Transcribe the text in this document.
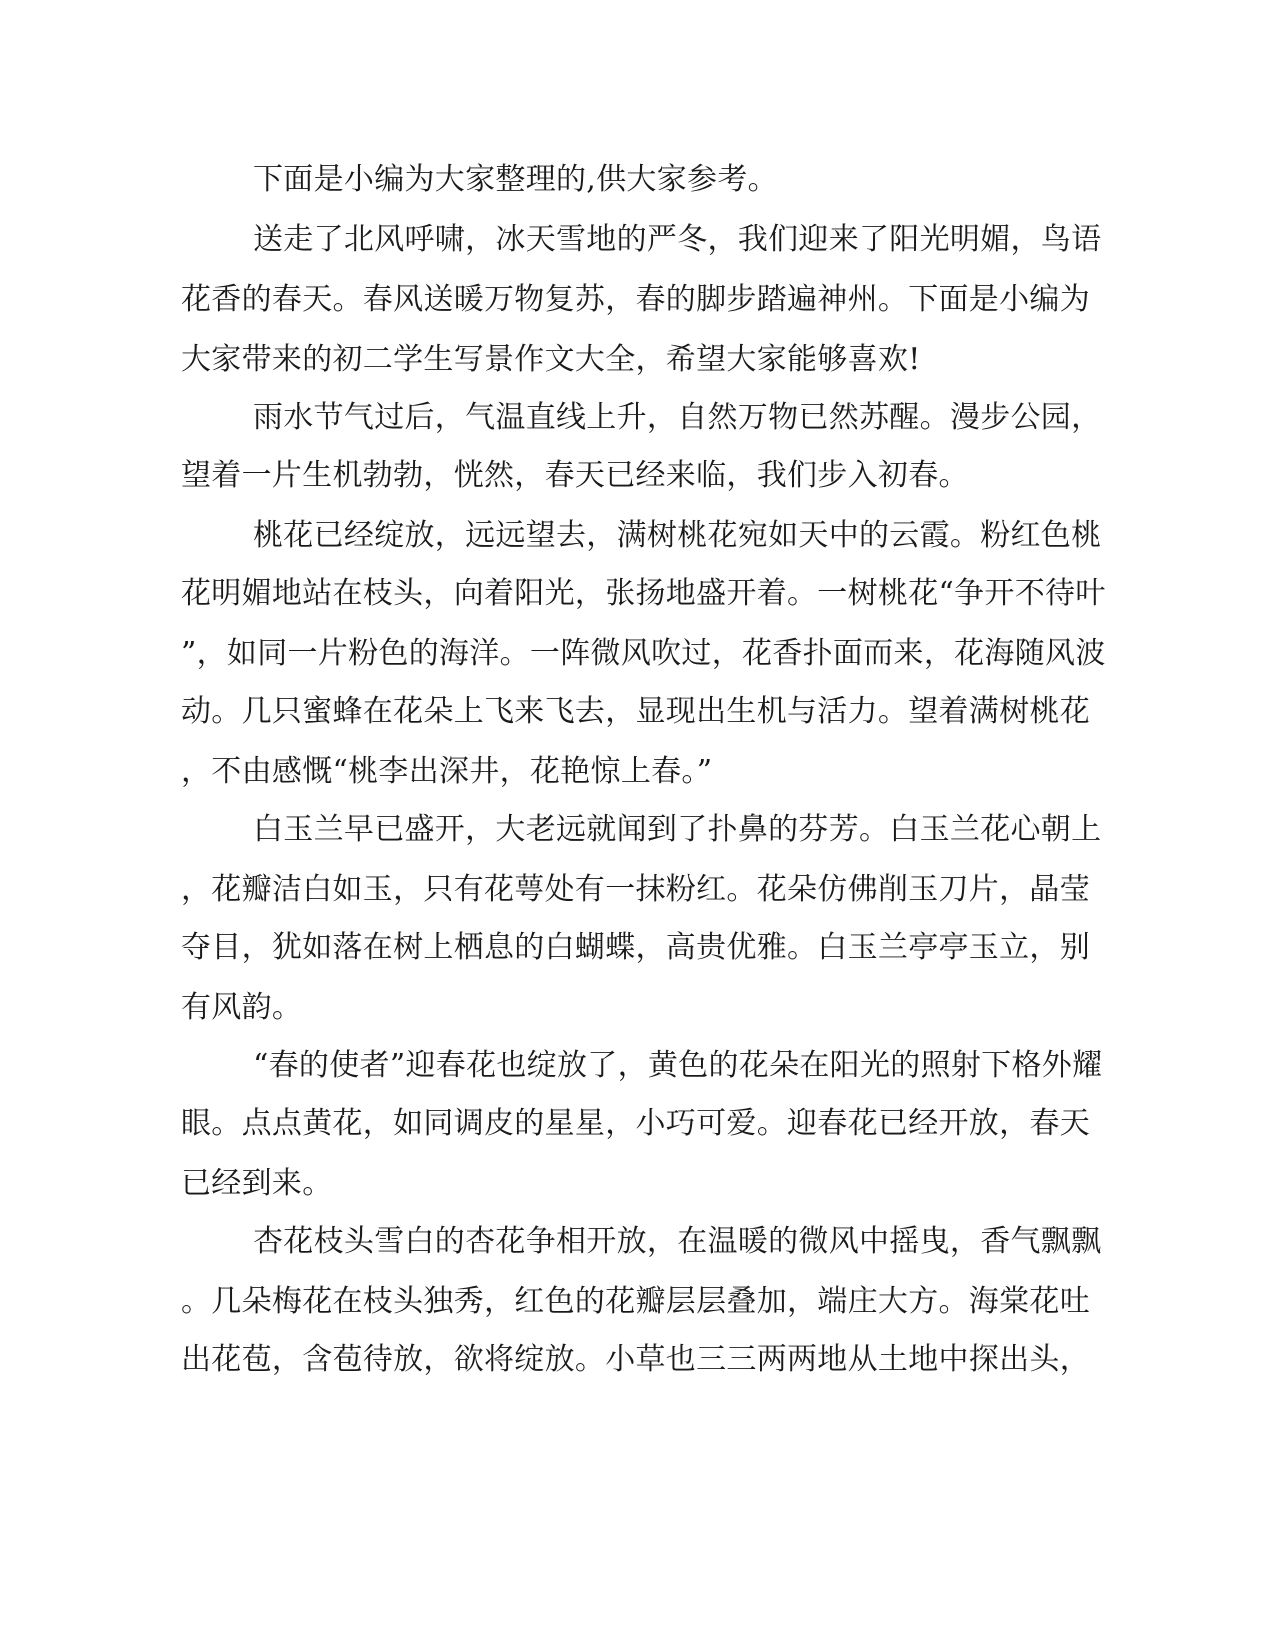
下面是小编为大家整理的,供大家参考。

送走了北风呼啸，冰天雪地的严冬，我们迎来了阳光明媚，鸟语

花香的春天。春风送暖万物复苏，春的脚步踏遍神州。下面是小编为

大家带来的初二学生写景作文大全，希望大家能够喜欢!

雨水节气过后，气温直线上升，自然万物已然苏醒。漫步公园，

望着一片生机勃勃，恍然，春天已经来临，我们步入初春。

桃花已经绽放，远远望去，满树桃花宛如天中的云霞。粉红色桃

花明媚地站在枝头，向着阳光，张扬地盛开着。一树桃花“争开不待叶

”，如同一片粉色的海洋。一阵微风吹过，花香扑面而来，花海随风波

动。几只蜜蜂在花朵上飞来飞去，显现出生机与活力。望着满树桃花

，不由感慨“桃李出深井，花艳惊上春。”

白玉兰早已盛开，大老远就闻到了扑鼻的芬芳。白玉兰花心朝上

，花瓣洁白如玉，只有花萼处有一抹粉红。花朵仿佛削玉刀片，晶莹

夺目，犹如落在树上栖息的白蝴蝶，高贵优雅。白玉兰亭亭玉立，别

有风韵。

“春的使者”迎春花也绽放了，黄色的花朵在阳光的照射下格外耀

眼。点点黄花，如同调皮的星星，小巧可爱。迎春花已经开放，春天

已经到来。

杏花枝头雪白的杏花争相开放，在温暖的微风中摇曳，香气飘飘

。几朵梅花在枝头独秀，红色的花瓣层层叠加，端庄大方。海棠花吐

出花苞，含苞待放，欲将绽放。小草也三三两两地从土地中探出头，
